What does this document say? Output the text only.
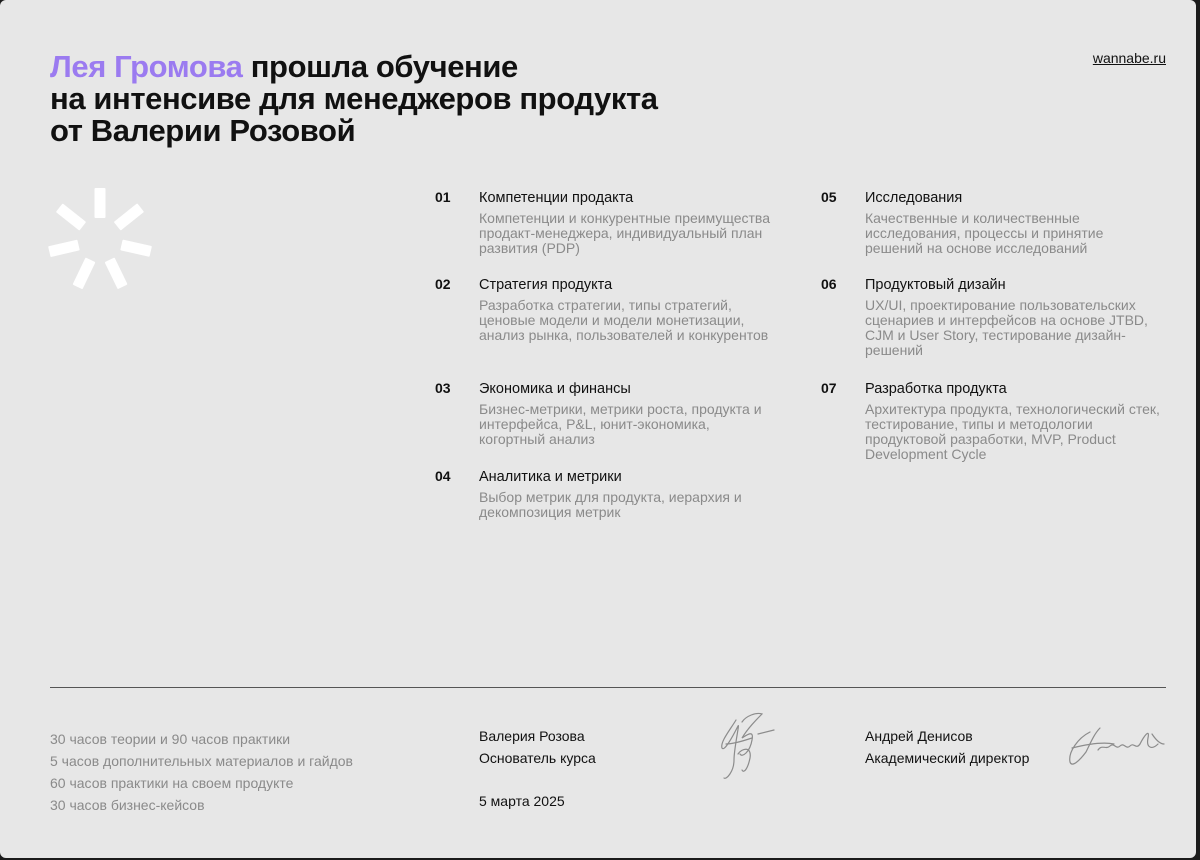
Лея Громова прошла обучение
на интенсиве для менеджеров продукта
от Валерии Розовой
wannabe.ru
01 Компетенции продакта
Компетенции и конкурентные преимущества продакт-менеджера, индивидуальный план развития (PDP)
02 Стратегия продукта
Разработка стратегии, типы стратегий, ценовые модели и модели монетизации, анализ рынка, пользователей и конкурентов
03 Экономика и финансы
Бизнес-метрики, метрики роста, продукта и интерфейса, P&L, юнит-экономика, когортный анализ
04 Аналитика и метрики
Выбор метрик для продукта, иерархия и декомпозиция метрик
05 Исследования
Качественные и количественные исследования, процессы и принятие решений на основе исследований
06 Продуктовый дизайн
UX/UI, проектирование пользовательских сценариев и интерфейсов на основе JTBD, CJM и User Story, тестирование дизайн-решений
07 Разработка продукта
Архитектура продукта, технологический стек, тестирование, типы и методологии продуктовой разработки, MVP, Product Development Cycle
30 часов теории и 90 часов практики
5 часов дополнительных материалов и гайдов
60 часов практики на своем продукте
30 часов бизнес-кейсов
Валерия Розова
Основатель курса
5 марта 2025
Андрей Денисов
Академический директор
